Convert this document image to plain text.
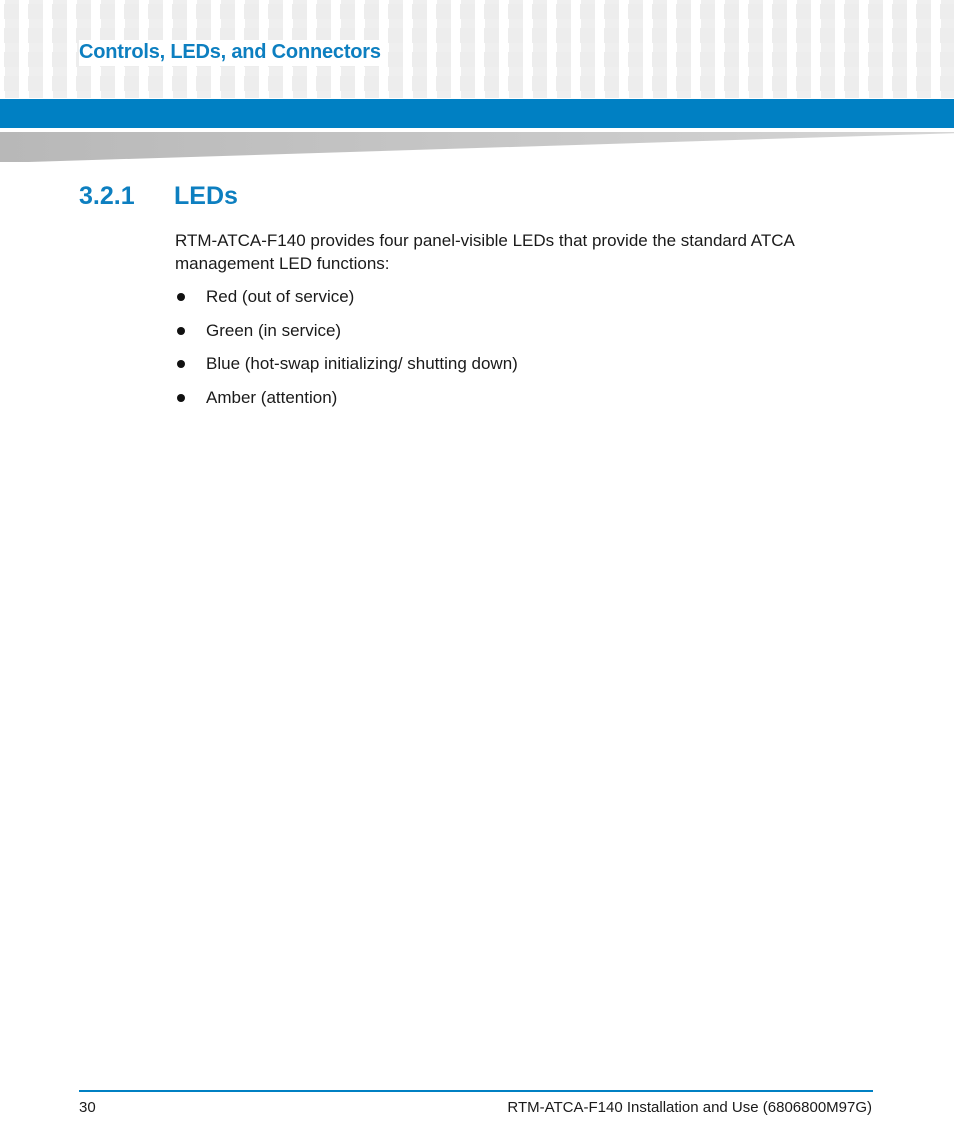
Controls, LEDs, and Connectors
3.2.1	LEDs

RTM-ATCA-F140 provides four panel-visible LEDs that provide the standard ATCA management LED functions:

Red (out of service)
Green (in service)
Blue (hot-swap initializing/ shutting down)
Amber (attention)
30	RTM-ATCA-F140 Installation and Use (6806800M97G)
